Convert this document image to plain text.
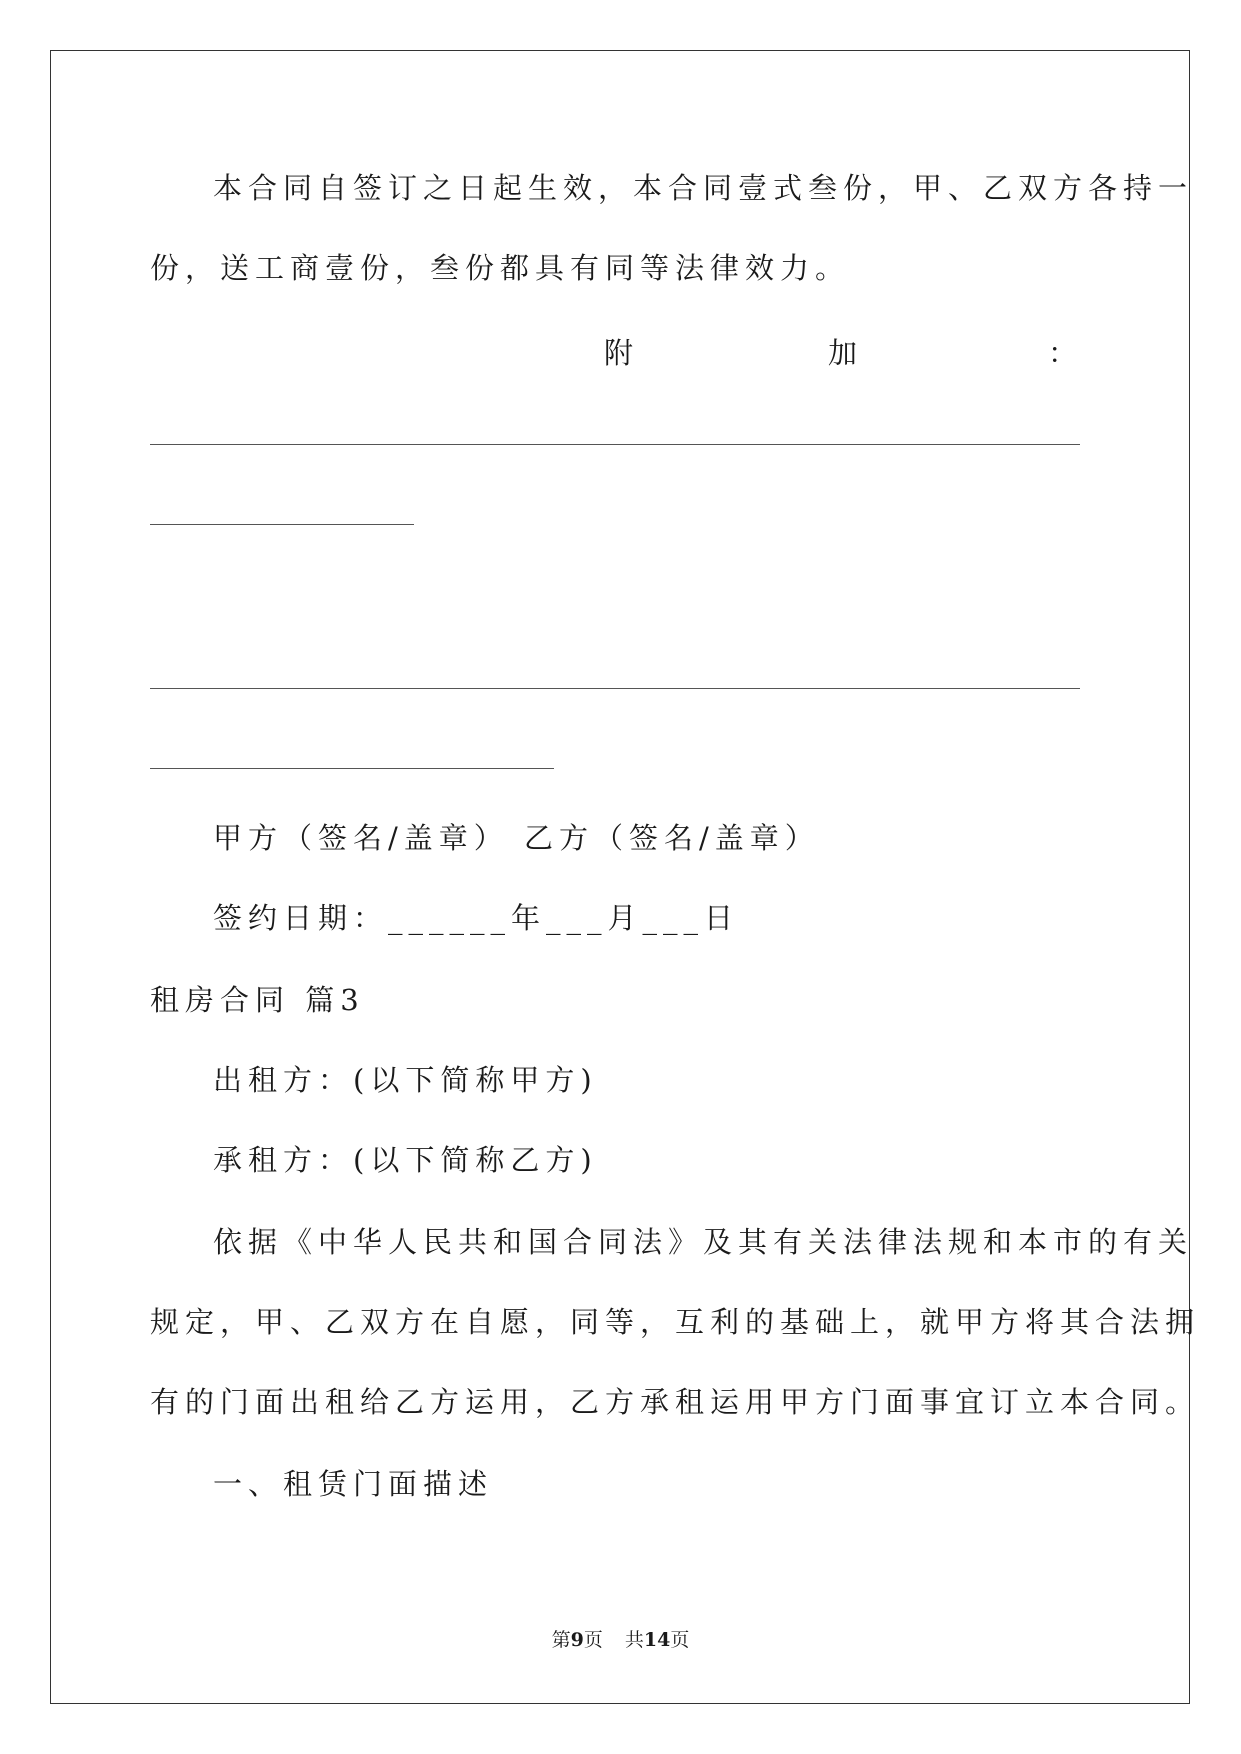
本合同自签订之日起生效，本合同壹式叁份，甲、乙双方各持一
份，送工商壹份，叁份都具有同等法律效力。
附	加	：
甲方（签名/盖章） 乙方（签名/盖章）
签约日期：______年___月___日
租房合同 篇3
出租方：(以下简称甲方)
承租方：(以下简称乙方)
依据《中华人民共和国合同法》及其有关法律法规和本市的有关
规定，甲、乙双方在自愿，同等，互利的基础上，就甲方将其合法拥
有的门面出租给乙方运用，乙方承租运用甲方门面事宜订立本合同。
一、租赁门面描述
第9页 共14页
